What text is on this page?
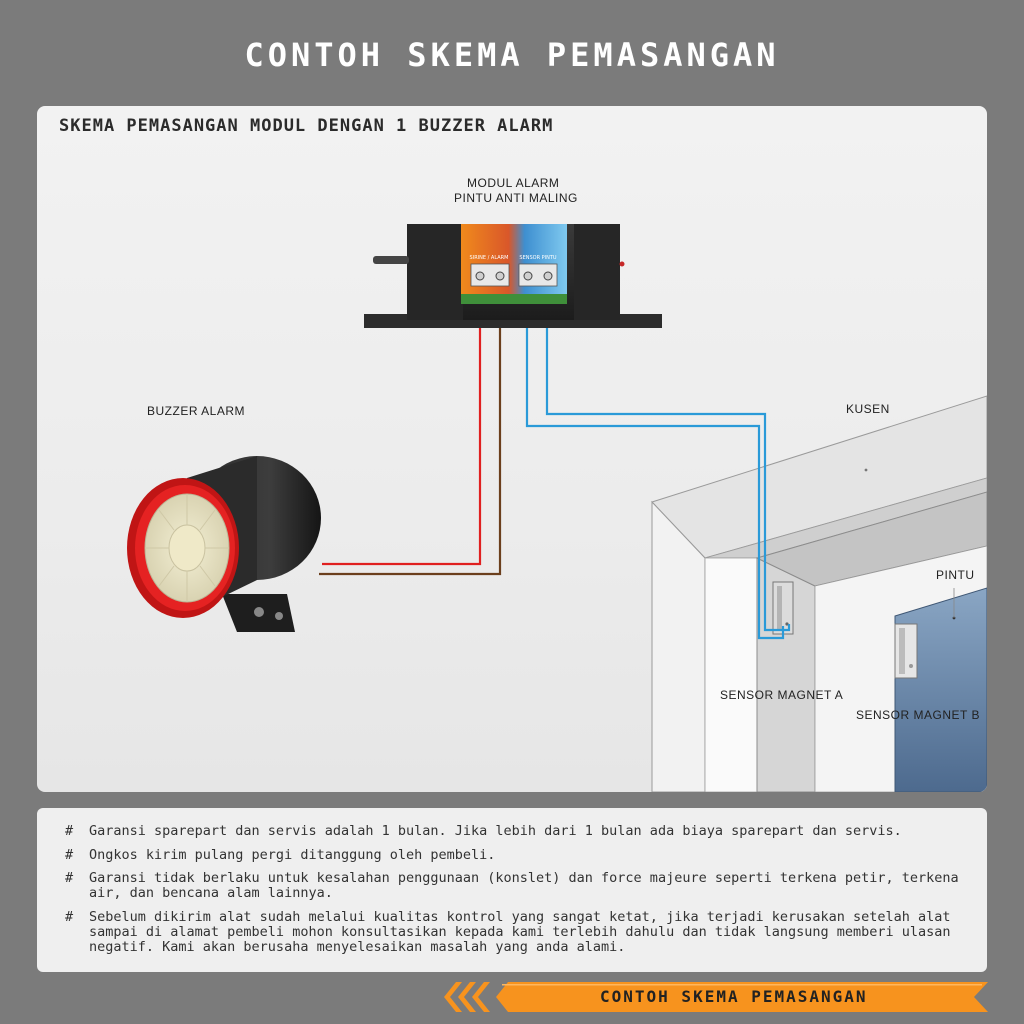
CONTOH SKEMA PEMASANGAN
SKEMA PEMASANGAN MODUL DENGAN 1 BUZZER ALARM
SIRINE / ALARM SENSOR PINTU
MODUL ALARM
PINTU ANTI MALING
BUZZER ALARM	KUSEN
PINTU
SENSOR MAGNET A
SENSOR MAGNET B
# Garansi sparepart dan servis adalah 1 bulan. Jika lebih dari 1 bulan ada biaya sparepart dan servis.
# Ongkos kirim pulang pergi ditanggung oleh pembeli.
# Garansi tidak berlaku untuk kesalahan penggunaan (konslet) dan force majeure seperti terkena petir, terkena air, dan bencana alam lainnya.
# Sebelum dikirim alat sudah melalui kualitas kontrol yang sangat ketat, jika terjadi kerusakan setelah alat sampai di alamat pembeli mohon konsultasikan kepada kami terlebih dahulu dan tidak langsung memberi ulasan negatif. Kami akan berusaha menyelesaikan masalah yang anda alami.
CONTOH SKEMA PEMASANGAN
